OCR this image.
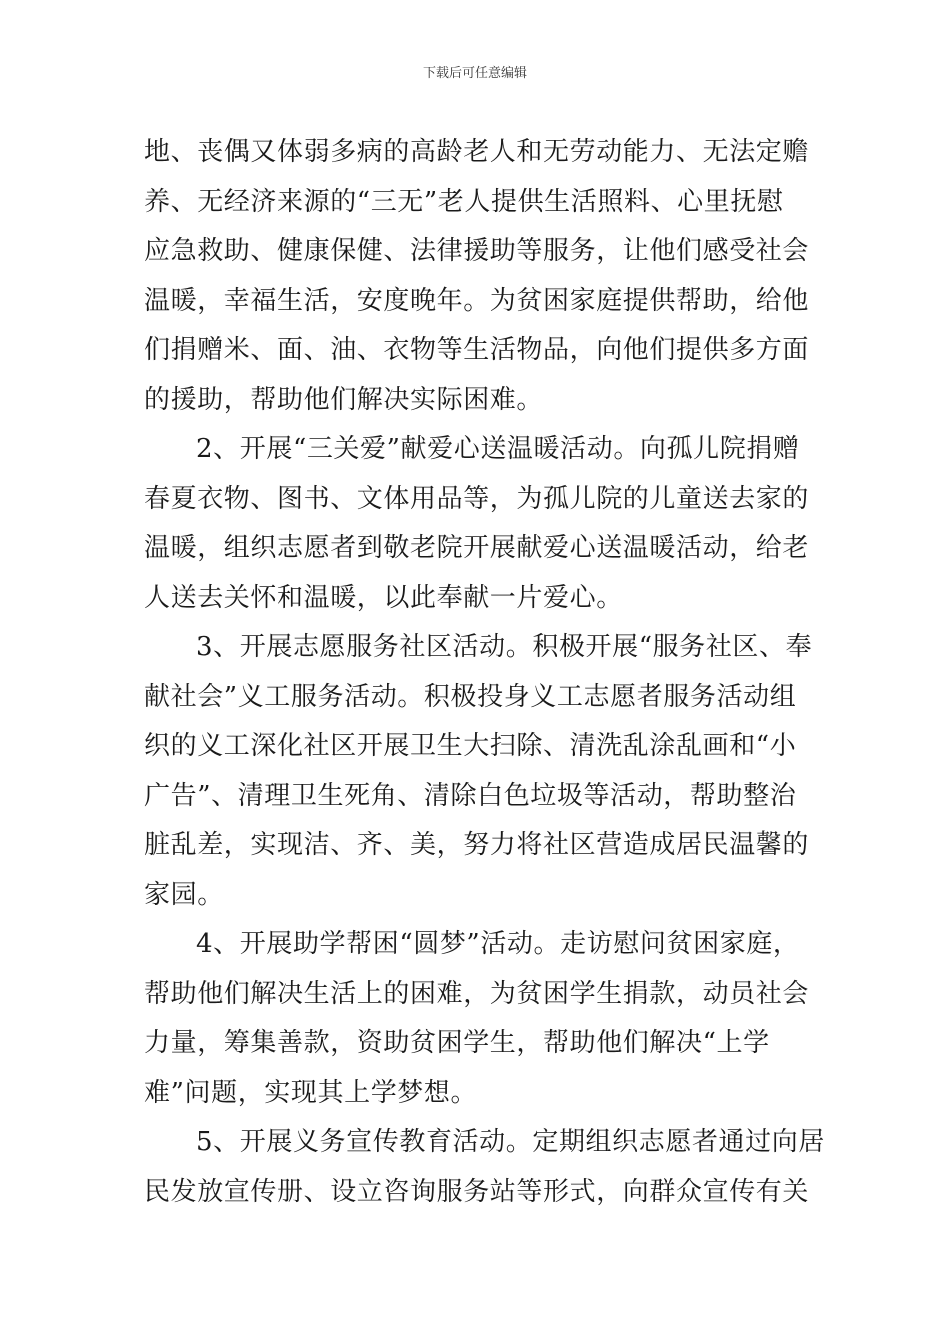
下载后可任意编辑
地、丧偶又体弱多病的高龄老人和无劳动能力、无法定赡
养、无经济来源的“三无”老人提供生活照料、心里抚慰
应急救助、健康保健、法律援助等服务，让他们感受社会
温暖，幸福生活，安度晚年。为贫困家庭提供帮助，给他
们捐赠米、面、油、衣物等生活物品，向他们提供多方面
的援助，帮助他们解决实际困难。
2、开展“三关爱”献爱心送温暖活动。向孤儿院捐赠
春夏衣物、图书、文体用品等，为孤儿院的儿童送去家的
温暖，组织志愿者到敬老院开展献爱心送温暖活动，给老
人送去关怀和温暖，以此奉献一片爱心。
3、开展志愿服务社区活动。积极开展“服务社区、奉
献社会”义工服务活动。积极投身义工志愿者服务活动组
织的义工深化社区开展卫生大扫除、清洗乱涂乱画和“小
广告”、清理卫生死角、清除白色垃圾等活动，帮助整治
脏乱差，实现洁、齐、美，努力将社区营造成居民温馨的
家园。
4、开展助学帮困“圆梦”活动。走访慰问贫困家庭，
帮助他们解决生活上的困难，为贫困学生捐款，动员社会
力量，筹集善款，资助贫困学生，帮助他们解决“上学
难”问题，实现其上学梦想。
5、开展义务宣传教育活动。定期组织志愿者通过向居
民发放宣传册、设立咨询服务站等形式，向群众宣传有关
